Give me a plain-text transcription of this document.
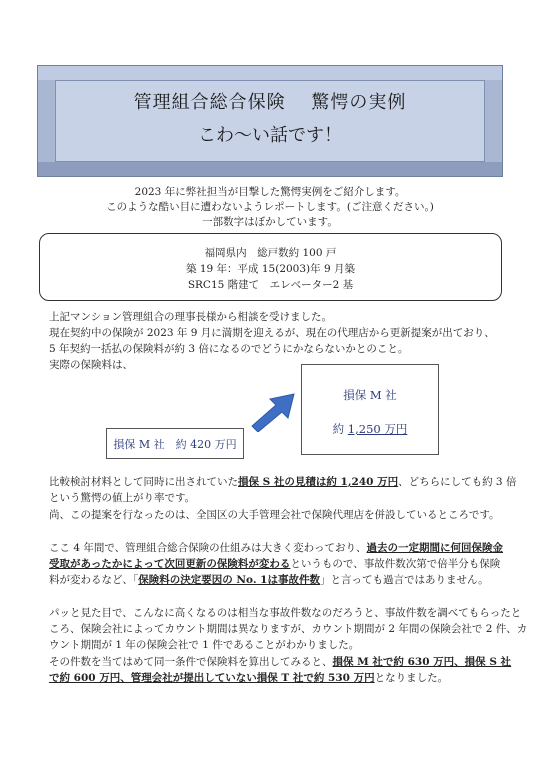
管理組合総合保険　 驚愕の実例
こわ〜い話です！
2023 年に弊社担当が目撃した驚愕実例をご紹介します。
このような酷い目に遭わないようレポートします。(ご注意ください。)
一部数字はぼかしています。
福岡県内　総戸数約 100 戸
築 19 年：平成 15(2003)年 9 月築
SRC15 階建て　エレベーター2 基
上記マンション管理組合の理事長様から相談を受けました。
現在契約中の保険が 2023 年 9 月に満期を迎えるが、現在の代理店から更新提案が出ており、
5 年契約一括払の保険料が約 3 倍になるのでどうにかならないかとのこと。
実際の保険料は、
損保 M 社　約 420 万円
損保 M 社
約 1,250 万円
比較検討材料として同時に出されていた損保 S 社の見積は約 1,240 万円、どちらにしても約 3 倍
という驚愕の値上がり率です。
尚、この提案を行なったのは、全国区の大手管理会社で保険代理店を併設しているところです。
ここ 4 年間で、管理組合総合保険の仕組みは大きく変わっており、過去の一定期間に何回保険金
受取があったかによって次回更新の保険料が変わるというもので、事故件数次第で倍半分も保険
料が変わるなど、「保険料の決定要因の No. 1は事故件数」と言っても過言ではありません。
パッと見た目で、こんなに高くなるのは相当な事故件数なのだろうと、事故件数を調べてもらったと
ころ、保険会社によってカウント期間は異なりますが、カウント期間が 2 年間の保険会社で 2 件、カ
ウント期間が 1 年の保険会社で 1 件であることがわかりました。
その件数を当てはめて同一条件で保険料を算出してみると、損保 M 社で約 630 万円、損保 S 社
で約 600 万円、管理会社が提出していない損保 T 社で約 530 万円となりました。
